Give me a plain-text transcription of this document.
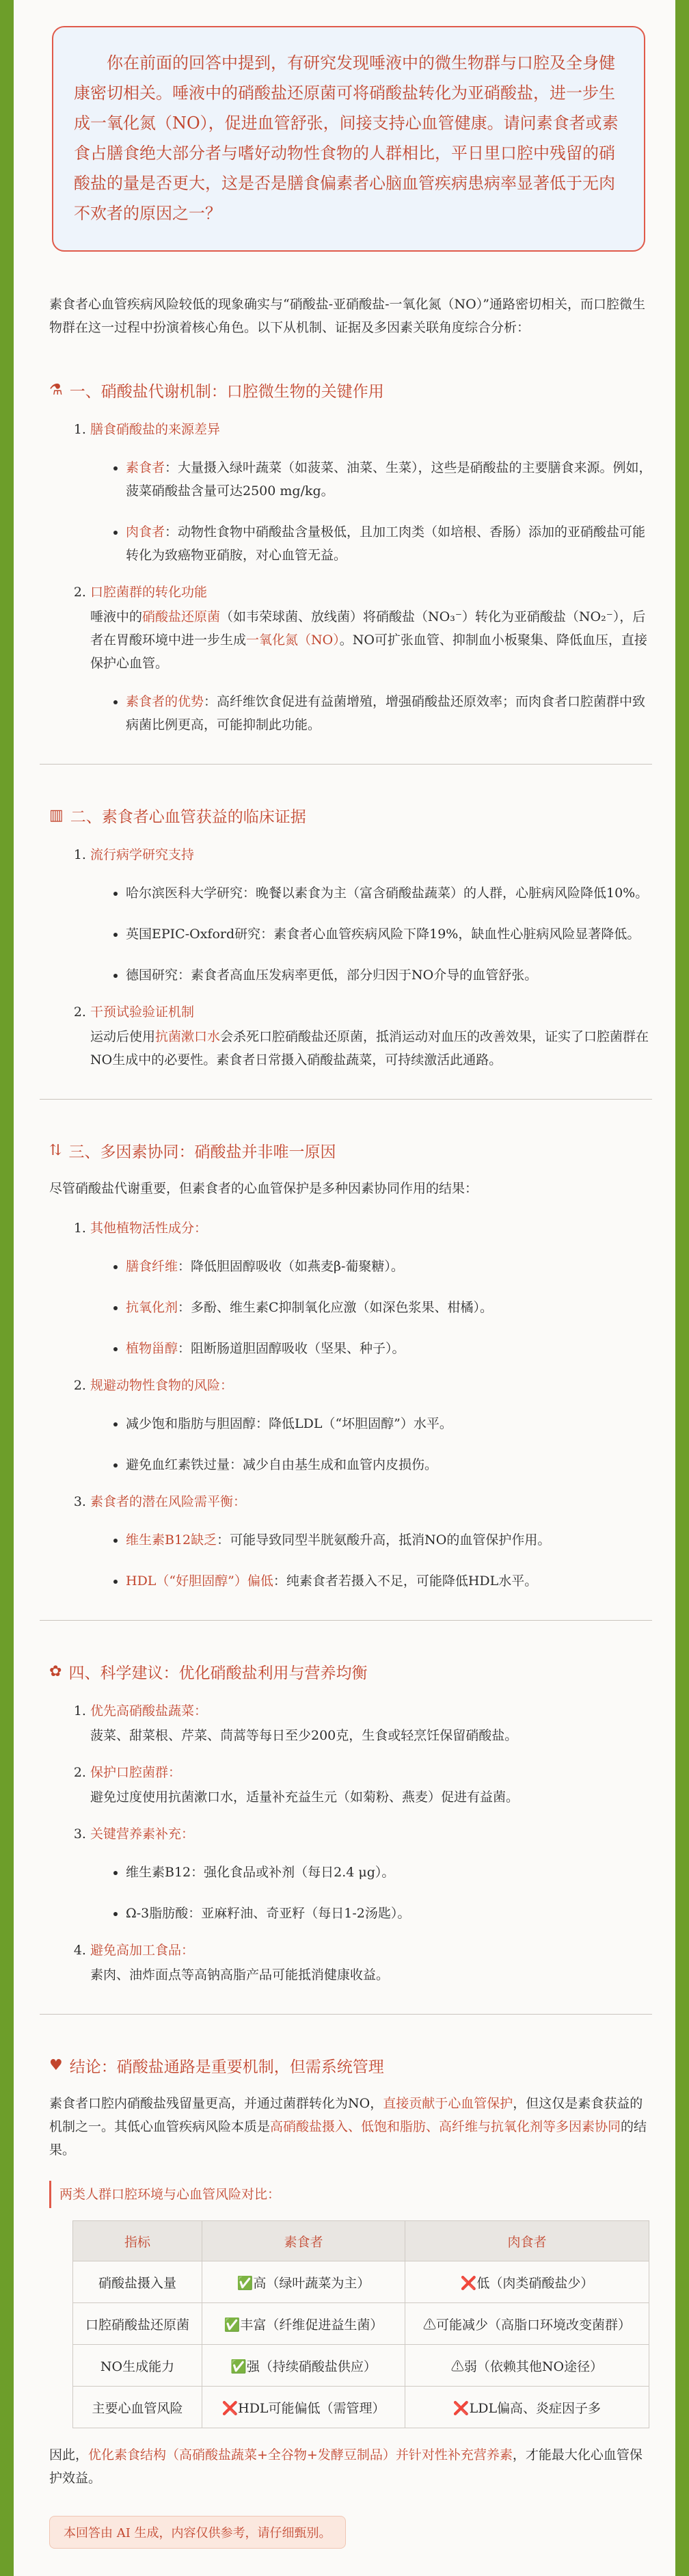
你在前面的回答中提到，有研究发现唾液中的微生物群与口腔及全身健康密切相关。唾液中的硝酸盐还原菌可将硝酸盐转化为亚硝酸盐，进一步生成一氧化氮（NO），促进血管舒张，间接支持心血管健康。请问素食者或素食占膳食绝大部分者与嗜好动物性食物的人群相比，平日里口腔中残留的硝酸盐的量是否更大，这是否是膳食偏素者心脑血管疾病患病率显著低于无肉不欢者的原因之一？

素食者心血管疾病风险较低的现象确实与“硝酸盐-亚硝酸盐-一氧化氮（NO）”通路密切相关，而口腔微生物群在这一过程中扮演着核心角色。以下从机制、证据及多因素关联角度综合分析：
⚗ 一、硝酸盐代谢机制：口腔微生物的关键作用
1. 膳食硝酸盐的来源差异
• 素食者：大量摄入绿叶蔬菜（如菠菜、油菜、生菜），这些是硝酸盐的主要膳食来源。例如，菠菜硝酸盐含量可达2500 mg/kg。
• 肉食者：动物性食物中硝酸盐含量极低，且加工肉类（如培根、香肠）添加的亚硝酸盐可能转化为致癌物亚硝胺，对心血管无益。
2. 口腔菌群的转化功能
唾液中的硝酸盐还原菌（如韦荣球菌、放线菌）将硝酸盐（NO₃⁻）转化为亚硝酸盐（NO₂⁻），后者在胃酸环境中进一步生成一氧化氮（NO）。NO可扩张血管、抑制血小板聚集、降低血压，直接保护心血管。
• 素食者的优势：高纤维饮食促进有益菌增殖，增强硝酸盐还原效率；而肉食者口腔菌群中致病菌比例更高，可能抑制此功能。
▥ 二、素食者心血管获益的临床证据
1. 流行病学研究支持
• 哈尔滨医科大学研究：晚餐以素食为主（富含硝酸盐蔬菜）的人群，心脏病风险降低10%。
• 英国EPIC-Oxford研究：素食者心血管疾病风险下降19%，缺血性心脏病风险显著降低。
• 德国研究：素食者高血压发病率更低，部分归因于NO介导的血管舒张。
2. 干预试验验证机制
运动后使用抗菌漱口水会杀死口腔硝酸盐还原菌，抵消运动对血压的改善效果，证实了口腔菌群在NO生成中的必要性。素食者日常摄入硝酸盐蔬菜，可持续激活此通路。
⇅ 三、多因素协同：硝酸盐并非唯一原因
尽管硝酸盐代谢重要，但素食者的心血管保护是多种因素协同作用的结果：
1. 其他植物活性成分：
• 膳食纤维：降低胆固醇吸收（如燕麦β-葡聚糖）。
• 抗氧化剂：多酚、维生素C抑制氧化应激（如深色浆果、柑橘）。
• 植物甾醇：阻断肠道胆固醇吸收（坚果、种子）。
2. 规避动物性食物的风险：
• 减少饱和脂肪与胆固醇：降低LDL（“坏胆固醇”）水平。
• 避免血红素铁过量：减少自由基生成和血管内皮损伤。
3. 素食者的潜在风险需平衡：
• 维生素B12缺乏：可能导致同型半胱氨酸升高，抵消NO的血管保护作用。
• HDL（“好胆固醇”）偏低：纯素食者若摄入不足，可能降低HDL水平。
✿ 四、科学建议：优化硝酸盐利用与营养均衡
1. 优先高硝酸盐蔬菜：
菠菜、甜菜根、芹菜、茼蒿等每日至少200克，生食或轻烹饪保留硝酸盐。
2. 保护口腔菌群：
避免过度使用抗菌漱口水，适量补充益生元（如菊粉、燕麦）促进有益菌。
3. 关键营养素补充：
• 维生素B12：强化食品或补剂（每日2.4 μg）。
• Ω-3脂肪酸：亚麻籽油、奇亚籽（每日1-2汤匙）。
4. 避免高加工食品：
素肉、油炸面点等高钠高脂产品可能抵消健康收益。
♥ 结论：硝酸盐通路是重要机制，但需系统管理
素食者口腔内硝酸盐残留量更高，并通过菌群转化为NO，直接贡献于心血管保护，但这仅是素食获益的机制之一。其低心血管疾病风险本质是高硝酸盐摄入、低饱和脂肪、高纤维与抗氧化剂等多因素协同的结果。
两类人群口腔环境与心血管风险对比：
指标	素食者	肉食者
硝酸盐摄入量	✅高（绿叶蔬菜为主）	❌低（肉类硝酸盐少）
口腔硝酸盐还原菌	✅丰富（纤维促进益生菌）	⚠可能减少（高脂口环境改变菌群）
NO生成能力	✅强（持续硝酸盐供应）	⚠弱（依赖其他NO途径）
主要心血管风险	❌HDL可能偏低（需管理）	❌LDL偏高、炎症因子多
因此，优化素食结构（高硝酸盐蔬菜+全谷物+发酵豆制品）并针对性补充营养素，才能最大化心血管保护效益。
本回答由 AI 生成，内容仅供参考，请仔细甄别。
